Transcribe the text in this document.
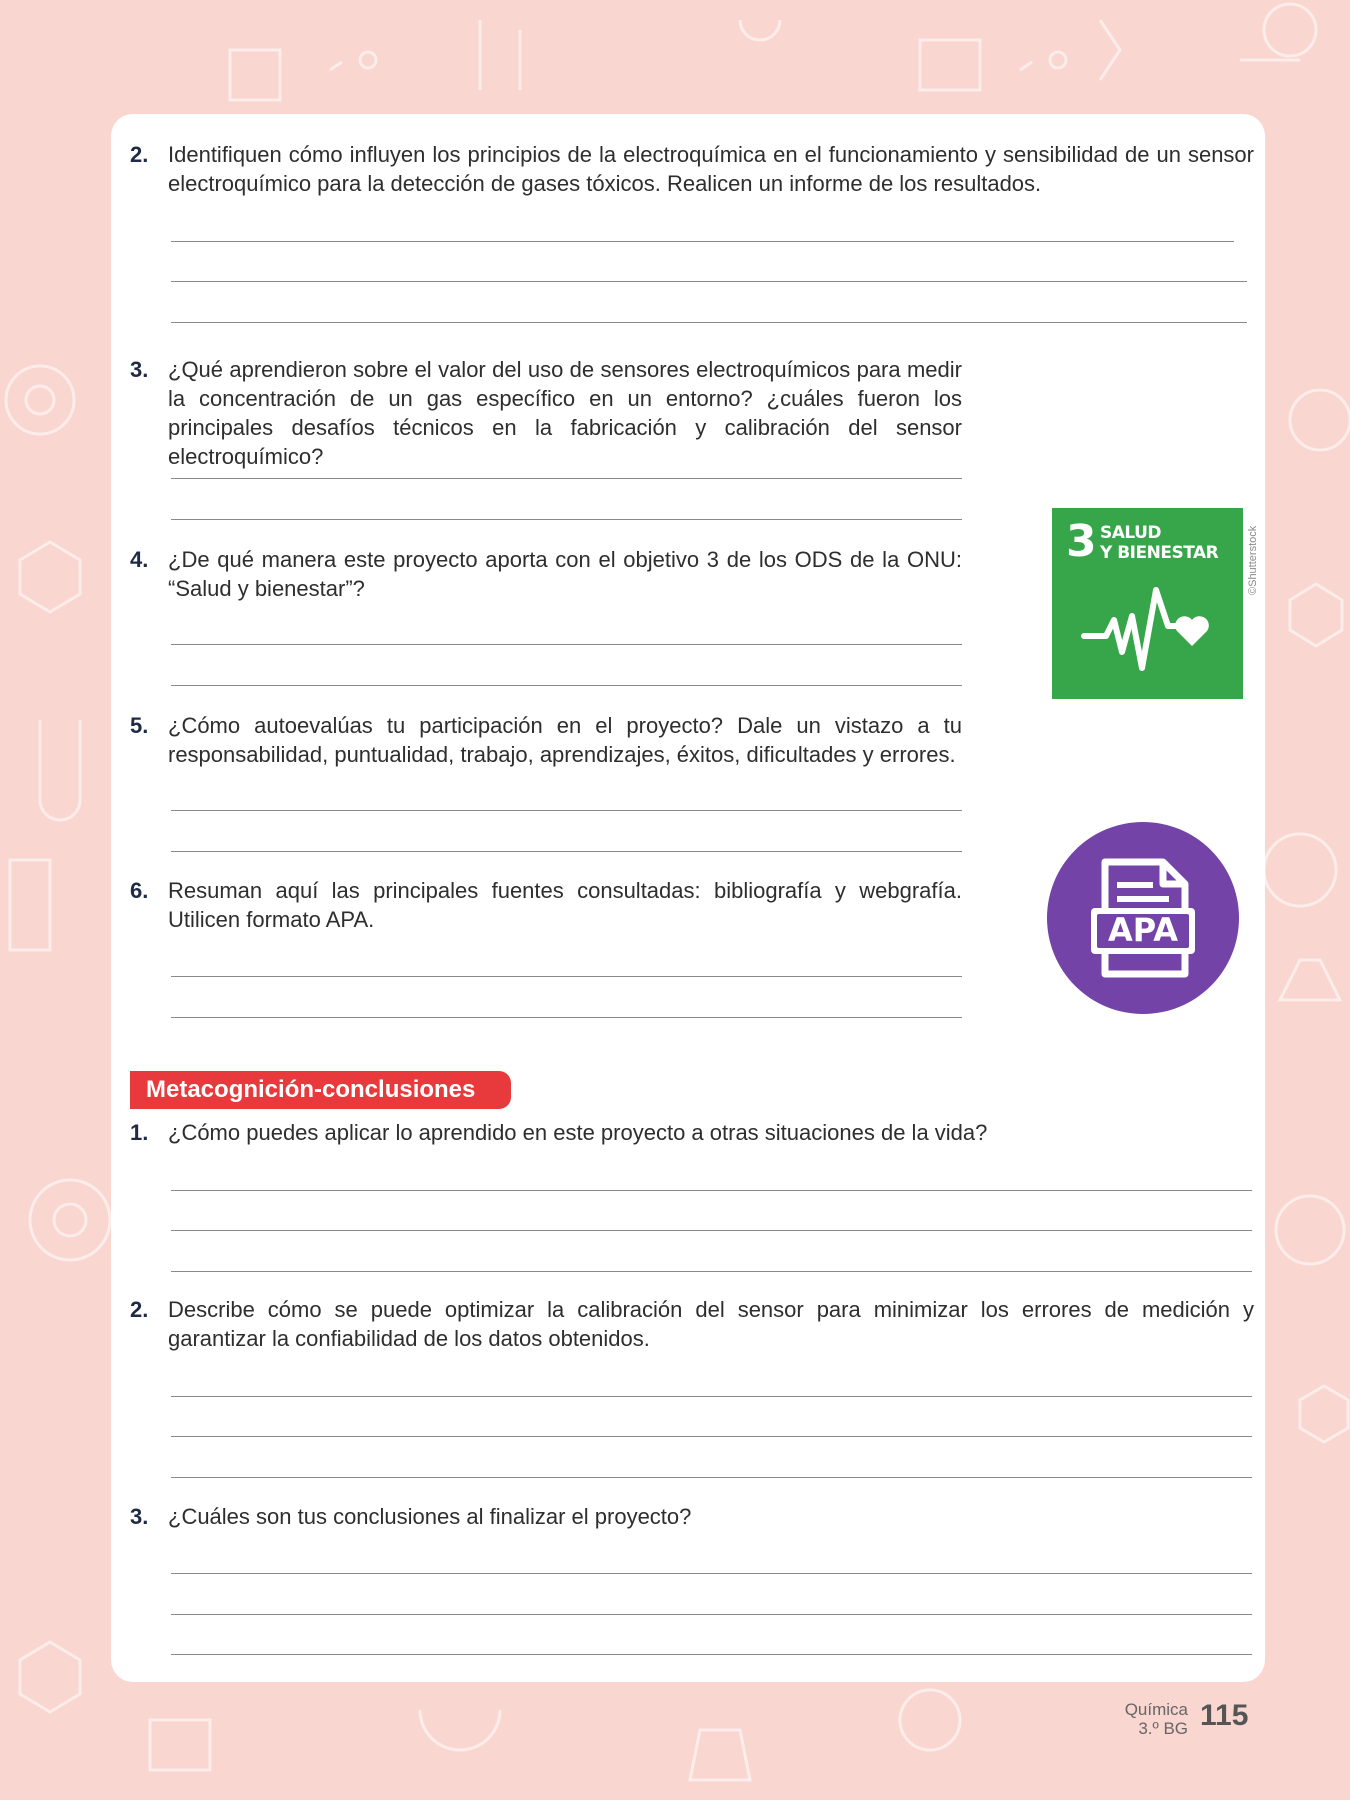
2. Identifiquen cómo influyen los principios de la electroquímica en el funcionamiento y sensibilidad de un sensor electroquímico para la detección de gases tóxicos. Realicen un informe de los resultados.
3. ¿Qué aprendieron sobre el valor del uso de sensores electroquímicos para medir la concentración de un gas específico en un entorno? ¿cuáles fueron los principales desafíos técnicos en la fabricación y calibración del sensor electroquímico?
4. ¿De qué manera este proyecto aporta con el objetivo 3 de los ODS de la ONU: “Salud y bienestar”?
5. ¿Cómo autoevalúas tu participación en el proyecto? Dale un vistazo a tu responsabilidad, puntualidad, trabajo, aprendizajes, éxitos, dificultades y errores.
6. Resuman aquí las principales fuentes consultadas: bibliografía y webgrafía. Utilicen formato APA.
3 SALUD
Y BIENESTAR	©Shutterstock
APA
Metacognición-conclusiones
1. ¿Cómo puedes aplicar lo aprendido en este proyecto a otras situaciones de la vida?
2. Describe cómo se puede optimizar la calibración del sensor para minimizar los errores de medición y garantizar la confiabilidad de los datos obtenidos.
3. ¿Cuáles son tus conclusiones al finalizar el proyecto?
Química
3.º BG 115
